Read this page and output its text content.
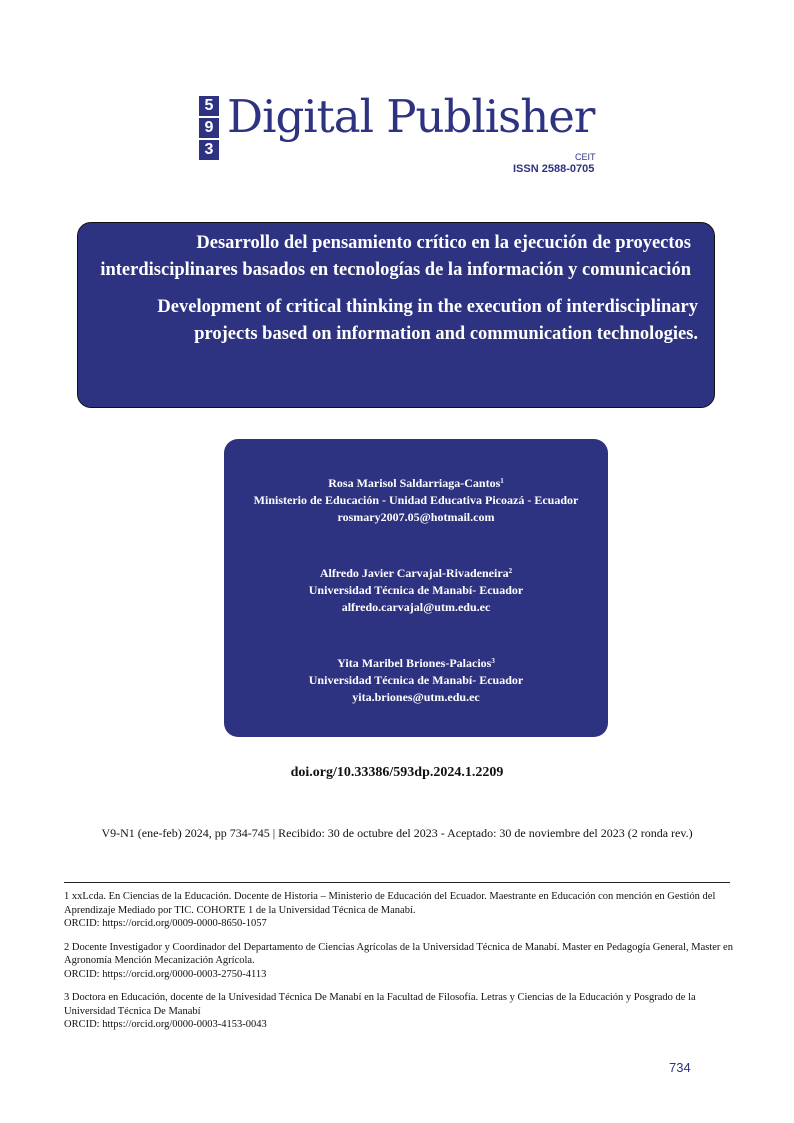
5
9
3
Digital Publisher
CEIT
ISSN 2588-0705

Desarrollo del pensamiento crítico en la ejecución de proyectos interdisciplinares basados en tecnologías de la información y comunicación

Development of critical thinking in the execution of interdisciplinary projects based on information and communication technologies.

Rosa Marisol Saldarriaga-Cantos$^1$

Ministerio de Educación - Unidad Educativa Picoazá - Ecuador

rosmary2007.05@hotmail.com

Alfredo Javier Carvajal-Rivadeneira$^2$

Universidad Técnica de Manabí- Ecuador

alfredo.carvajal@utm.edu.ec

Yita Maribel Briones-Palacios$^3$

Universidad Técnica de Manabí- Ecuador

yita.briones@utm.edu.ec

doi.org/10.33386/593dp.2024.1.2209
V9-N1 (ene-feb) 2024, pp 734-745 | Recibido: 30 de octubre del 2023 - Aceptado: 30 de noviembre del 2023 (2 ronda rev.)

1 xxLcda. En Ciencias de la Educación. Docente de Historia – Ministerio de Educación del Ecuador. Maestrante en Educación con mención en Gestión del Aprendizaje Mediado por TIC. COHORTE 1 de la Universidad Técnica de Manabí.

ORCID: https://orcid.org/0009-0000-8650-1057

2 Docente Investigador y Coordinador del Departamento de Ciencias Agrícolas de la Universidad Técnica de Manabí. Master en Pedagogía General, Master en Agronomía Mención Mecanización Agrícola.

ORCID: https://orcid.org/0000-0003-2750-4113

3 Doctora en Educación, docente de la Univesidad Técnica De Manabí en la Facultad de Filosofía. Letras y Ciencias de la Educación y Posgrado de la Universidad Técnica De Manabí

ORCID: https://orcid.org/0000-0003-4153-0043

734
